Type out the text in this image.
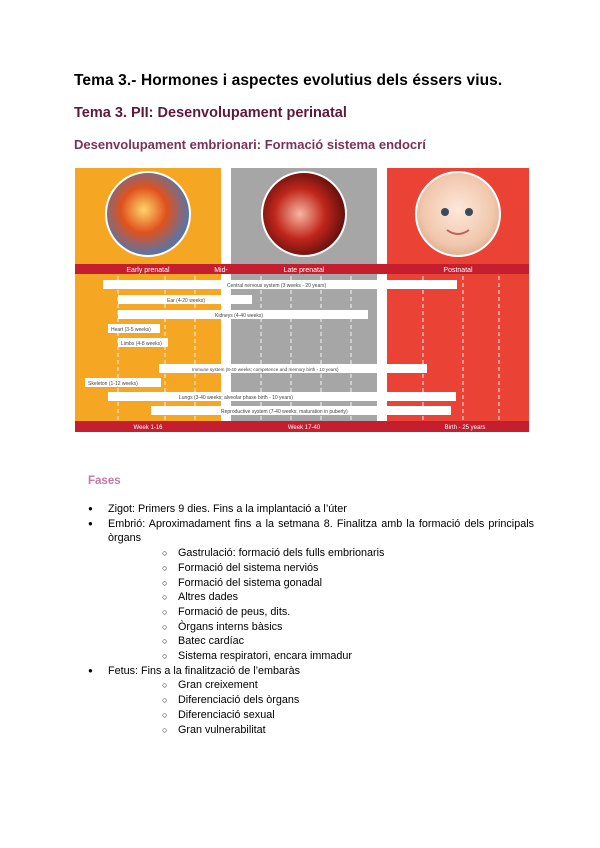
Tema 3.- Hormones i aspectes evolutius dels éssers vius.
Tema 3. PII: Desenvolupament perinatal
Desenvolupament embrionari: Formació sistema endocrí
Early prenatal	Mid-	Late prenatal	Postnatal
Central nervous system (3 weeks - 20 years)
Ear (4-20 weeks)
Kidneys (4-40 weeks)
Heart (3-5 weeks)
Limbs (4-8 weeks)
Immune system (8-40 weeks; competence and memory birth - 10 years)
Skeleton (1-12 weeks)
Lungs (3-40 weeks; alveolar phase birth - 10 years)
Reproductive system (7-40 weeks; maturation in puberty)
Week 1-16	Week 17-40	Birth - 25 years
Fases
● Zigot: Primers 9 dies. Fins a la implantació a l’úter
● Embrió: Aproximadament fins a la setmana 8. Finalitza amb la formació dels principals òrgans
○ Gastrulació: formació dels fulls embrionaris
○ Formació del sistema nerviós
○ Formació del sistema gonadal
○ Altres dades
○ Formació de peus, dits.
○ Òrgans interns bàsics
○ Batec cardíac
○ Sistema respiratori, encara immadur
● Fetus: Fins a la finalització de l’embaràs
○ Gran creixement
○ Diferenciació dels òrgans
○ Diferenciació sexual
○ Gran vulnerabilitat
